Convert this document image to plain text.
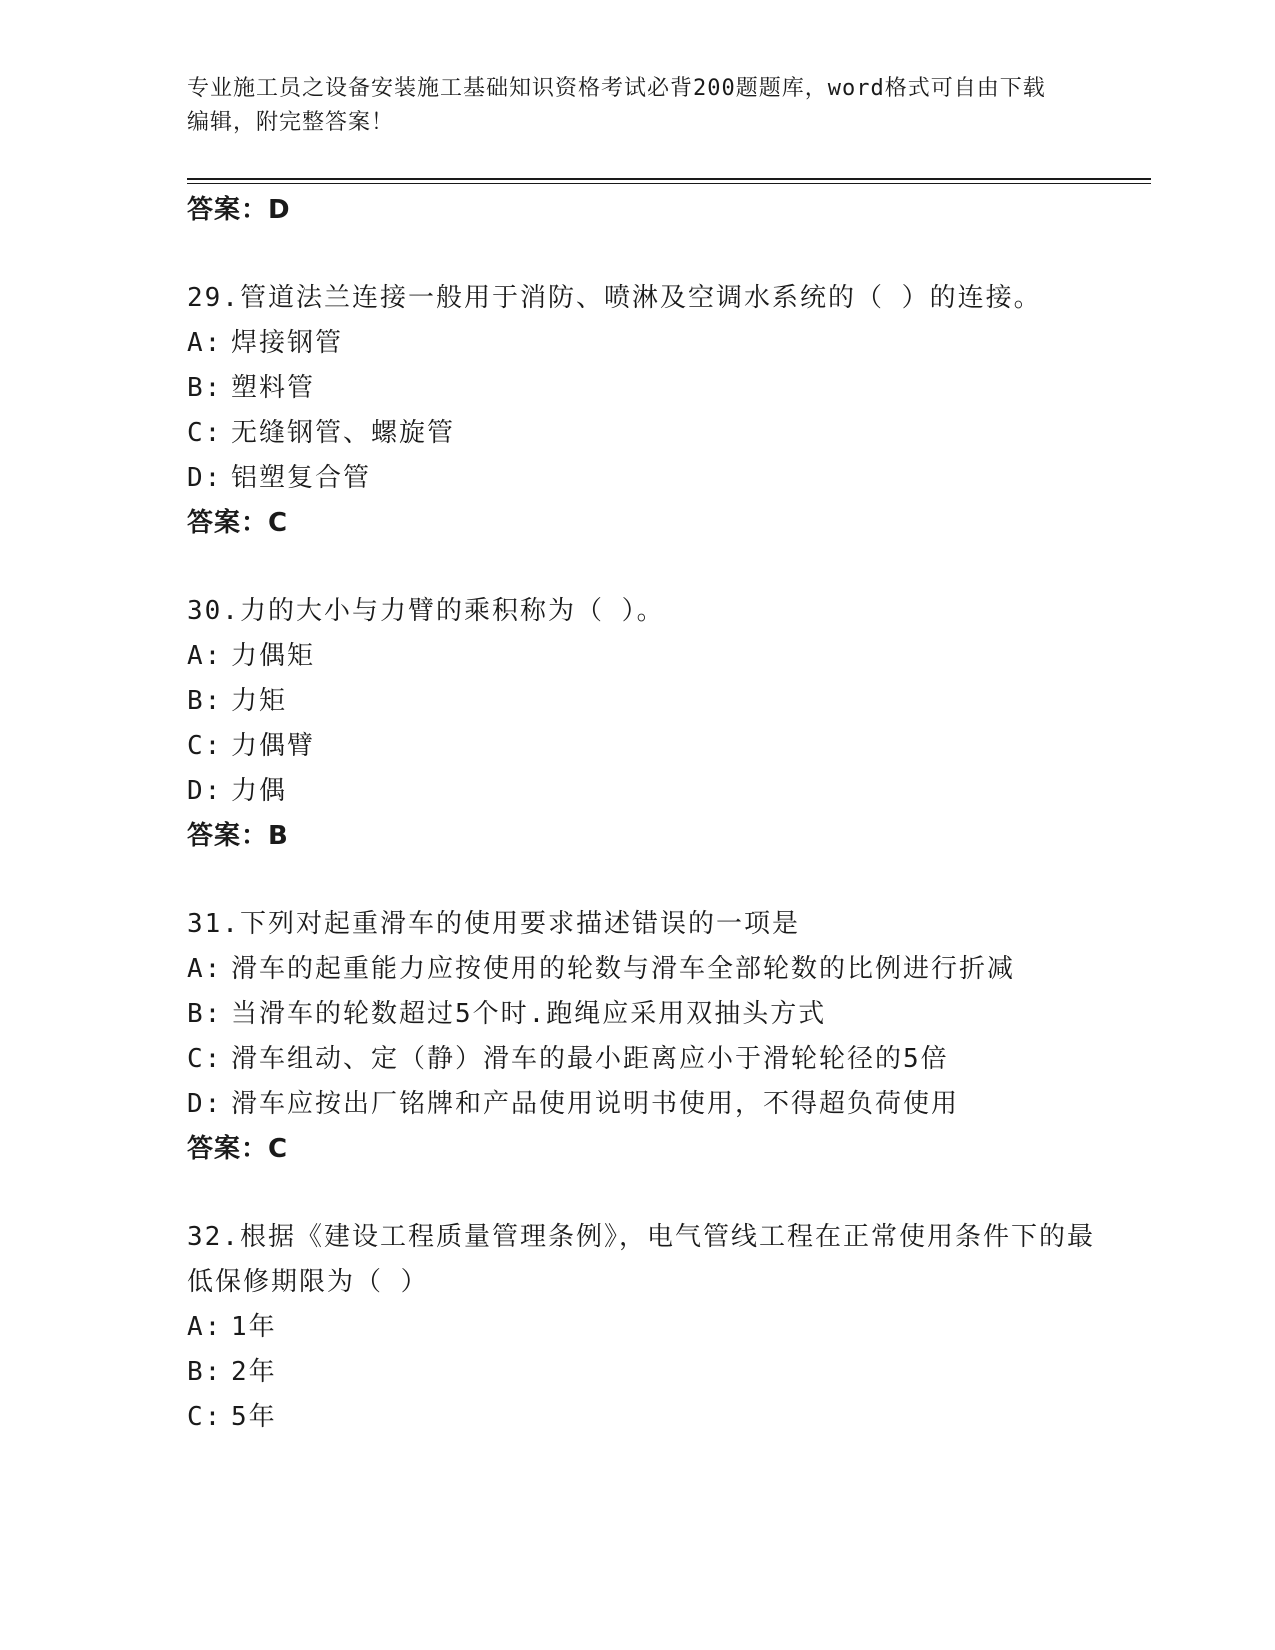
专业施工员之设备安装施工基础知识资格考试必背200题题库，word格式可自由下载编辑，附完整答案！
答案：D
29.管道法兰连接一般用于消防、喷淋及空调水系统的（ ）的连接。
A: 焊接钢管
B: 塑料管
C: 无缝钢管、螺旋管
D: 铝塑复合管
答案：C
30.力的大小与力臂的乘积称为（ ）。
A: 力偶矩
B: 力矩
C: 力偶臂
D: 力偶
答案：B
31.下列对起重滑车的使用要求描述错误的一项是
A: 滑车的起重能力应按使用的轮数与滑车全部轮数的比例进行折减
B: 当滑车的轮数超过5个时.跑绳应采用双抽头方式
C: 滑车组动、定（静）滑车的最小距离应小于滑轮轮径的5倍
D: 滑车应按出厂铭牌和产品使用说明书使用，不得超负荷使用
答案：C
32.根据《建设工程质量管理条例》，电气管线工程在正常使用条件下的最低保修期限为（ ）
A: 1年
B: 2年
C: 5年
